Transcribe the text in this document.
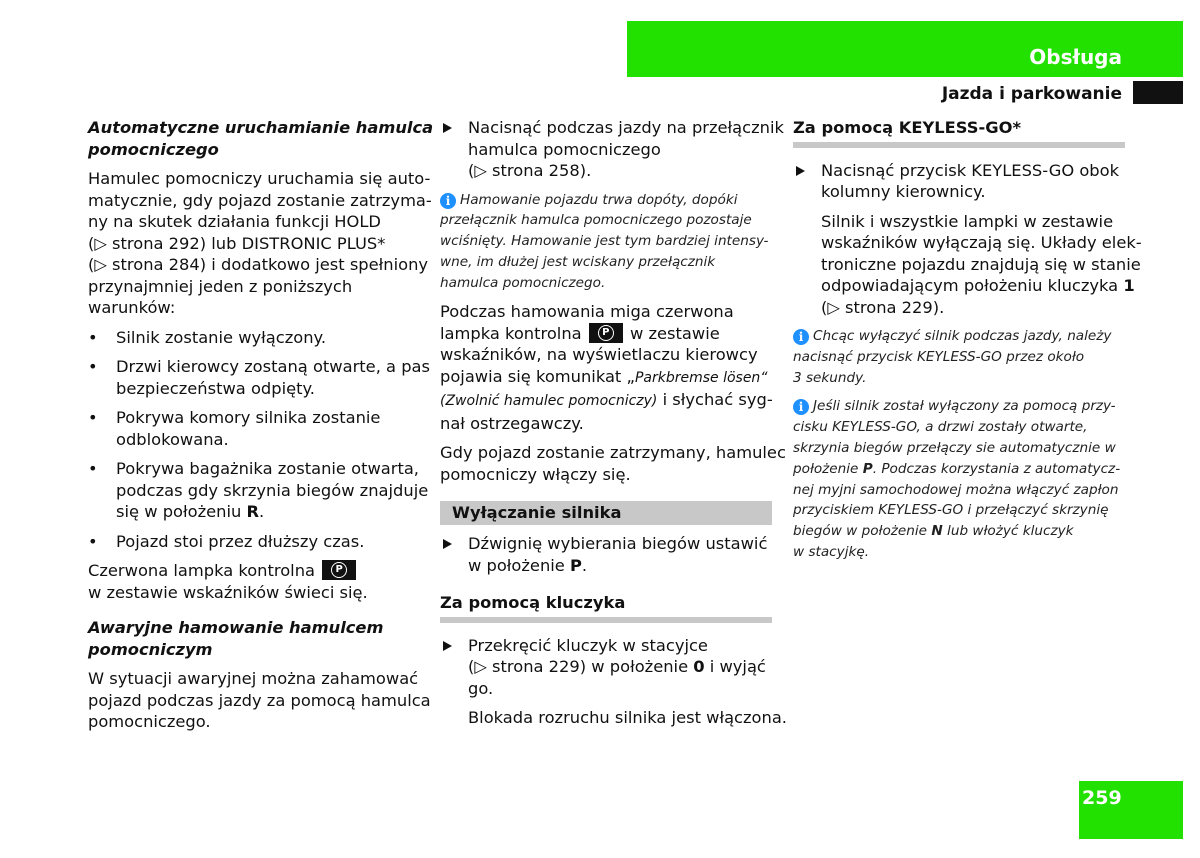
Obsługa
Jazda i parkowanie
Automatyczne uruchamianie hamulca
pomocniczego
Hamulec pomocniczy uruchamia się auto-
matycznie, gdy pojazd zostanie zatrzyma-
ny na skutek działania funkcji HOLD
(▷ strona 292) lub DISTRONIC PLUS*
(▷ strona 284) i dodatkowo jest spełniony
przynajmniej jeden z poniższych
warunków:
• Silnik zostanie wyłączony.
• Drzwi kierowcy zostaną otwarte, a pas
bezpieczeństwa odpięty.
• Pokrywa komory silnika zostanie
odblokowana.
• Pokrywa bagażnika zostanie otwarta,
podczas gdy skrzynia biegów znajduje
się w położeniu R.
• Pojazd stoi przez dłuższy czas.
Czerwona lampka kontrolna	P
w zestawie wskaźników świeci się.
Awaryjne hamowanie hamulcem
pomocniczym
W sytuacji awaryjnej można zahamować
pojazd podczas jazdy za pomocą hamulca
pomocniczego.
Nacisnąć podczas jazdy na przełącznik
hamulca pomocniczego
(▷ strona 258).
i Hamowanie pojazdu trwa dopóty, dopóki
przełącznik hamulca pomocniczego pozostaje
wciśnięty. Hamowanie jest tym bardziej intensy-
wne, im dłużej jest wciskany przełącznik
hamulca pomocniczego.
Podczas hamowania miga czerwona
lampka kontrolna	P w zestawie
wskaźników, na wyświetlaczu kierowcy
pojawia się komunikat „Parkbremse lösen“
(Zwolnić hamulec pomocniczy) i słychać syg-
nał ostrzegawczy.
Gdy pojazd zostanie zatrzymany, hamulec
pomocniczy włączy się.
Wyłączanie silnika
Dźwignię wybierania biegów ustawić
w położenie P.
Za pomocą kluczyka
Przekręcić kluczyk w stacyjce
(▷ strona 229) w położenie 0 i wyjąć
go.
Blokada rozruchu silnika jest włączona.
Za pomocą KEYLESS-GO*
Nacisnąć przycisk KEYLESS-GO obok
kolumny kierownicy.
Silnik i wszystkie lampki w zestawie
wskaźników wyłączają się. Układy elek-
troniczne pojazdu znajdują się w stanie
odpowiadającym położeniu kluczyka 1
(▷ strona 229).
i Chcąc wyłączyć silnik podczas jazdy, należy
nacisnąć przycisk KEYLESS-GO przez około
3 sekundy.
i Jeśli silnik został wyłączony za pomocą przy-
cisku KEYLESS-GO, a drzwi zostały otwarte,
skrzynia biegów przełączy sie automatycznie w
położenie P. Podczas korzystania z automatycz-
nej myjni samochodowej można włączyć zapłon
przyciskiem KEYLESS-GO i przełączyć skrzynię
biegów w położenie N lub włożyć kluczyk
w stacyjkę.
259
